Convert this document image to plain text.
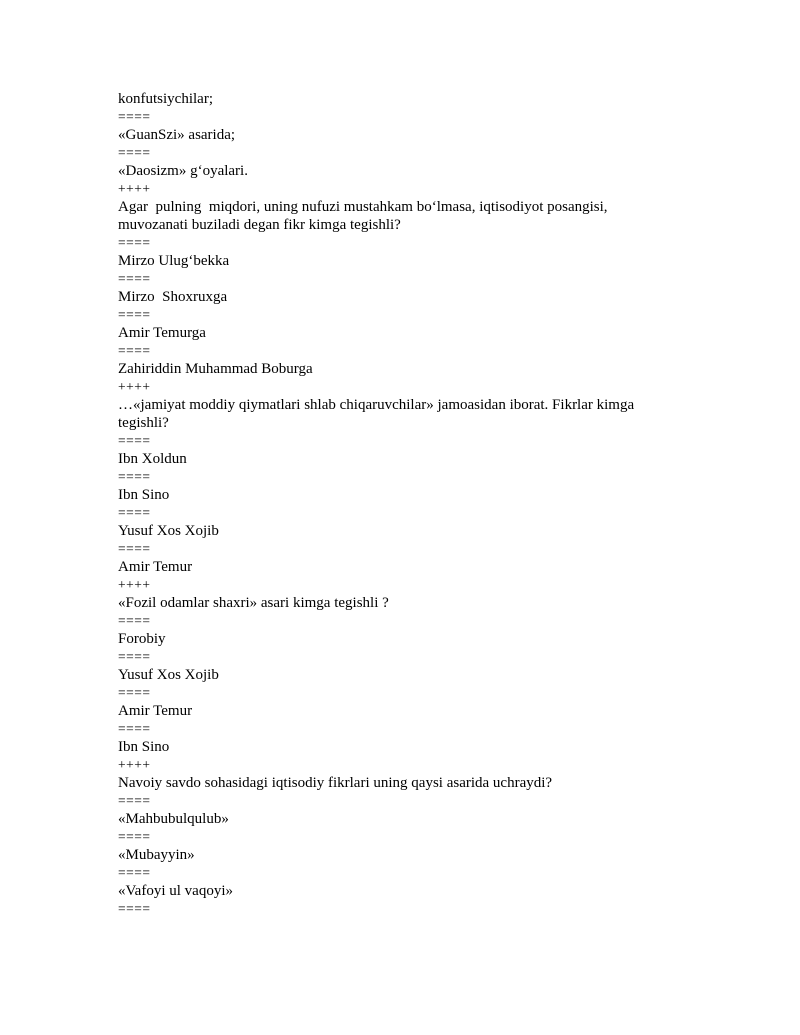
konfutsiychilar;

====

«GuanSzi» asarida;

====

«Daosizm» g‘oyalari.

++++

Agar  pulning  miqdori, uning nufuzi mustahkam bo‘lmasa, iqtisodiyot posangisi, muvozanati buziladi degan fikr kimga tegishli?

====

Mirzo Ulug‘bekka

====

Mirzo  Shoxruxga

====

Amir Temurga

====

Zahiriddin Muhammad Boburga

++++

…«jamiyat moddiy qiymatlari shlab chiqaruvchilar» jamoasidan iborat. Fikrlar kimga tegishli?

====

Ibn Xoldun

====

Ibn Sino

====

Yusuf Xos Xojib

====

Amir Temur

++++

«Fozil odamlar shaxri» asari kimga tegishli ?

====

Forobiy

====

Yusuf Xos Xojib

====

Amir Temur

====

Ibn Sino

++++

Navoiy savdo sohasidagi iqtisodiy fikrlari uning qaysi asarida uchraydi?

====

«Mahbubulqulub»

====

«Mubayyin»

====

«Vafoyi ul vaqoyi»

====
